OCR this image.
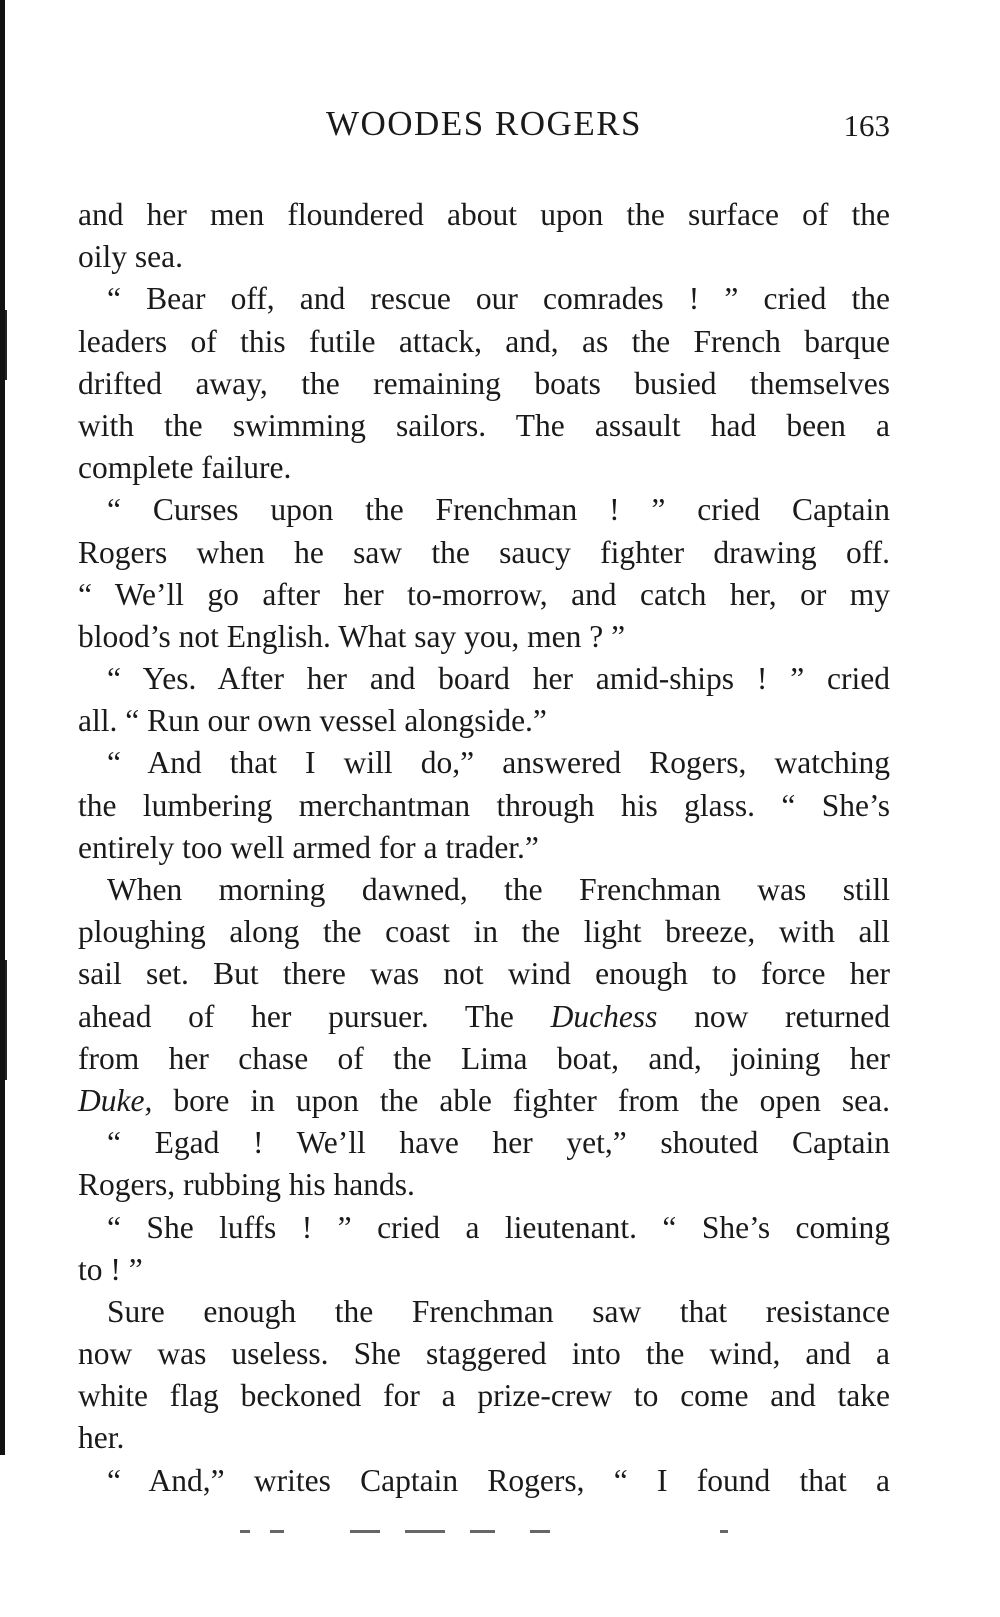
WOODES ROGERS	163
and her men floundered about upon the surface of the
oily sea.
“ Bear off, and rescue our comrades ! ” cried the
leaders of this futile attack, and, as the French barque
drifted away, the remaining boats busied themselves
with the swimming sailors. The assault had been a
complete failure.
“ Curses upon the Frenchman ! ” cried Captain
Rogers when he saw the saucy fighter drawing off.
“ We’ll go after her to-morrow, and catch her, or my
blood’s not English. What say you, men ? ”
“ Yes. After her and board her amid-ships ! ” cried
all. “ Run our own vessel alongside.”
“ And that I will do,” answered Rogers, watching
the lumbering merchantman through his glass. “ She’s
entirely too well armed for a trader.”
When morning dawned, the Frenchman was still
ploughing along the coast in the light breeze, with all
sail set. But there was not wind enough to force her
ahead of her pursuer. The Duchess now returned
from her chase of the Lima boat, and, joining her
Duke, bore in upon the able fighter from the open sea.
“ Egad ! We’ll have her yet,” shouted Captain
Rogers, rubbing his hands.
“ She luffs ! ” cried a lieutenant. “ She’s coming
to ! ”
Sure enough the Frenchman saw that resistance
now was useless. She staggered into the wind, and a
white flag beckoned for a prize-crew to come and take
her.
“ And,” writes Captain Rogers, “ I found that a
